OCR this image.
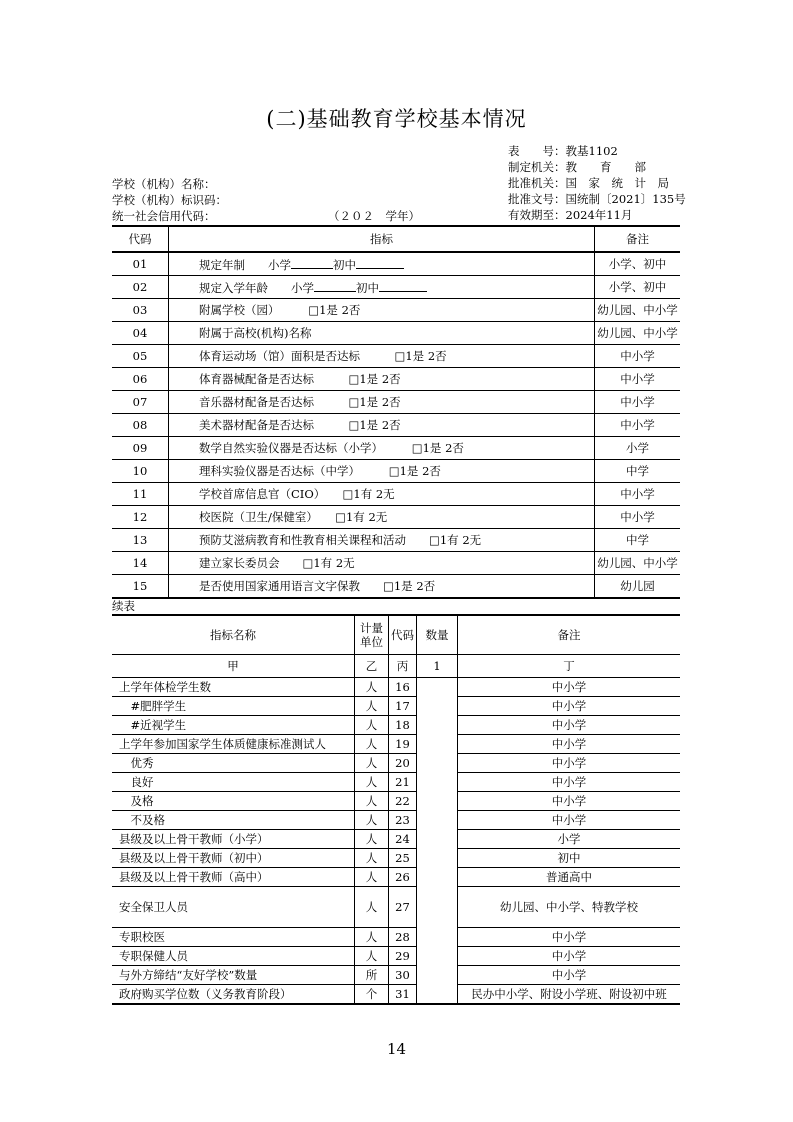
(二)基础教育学校基本情况
表　　号：教基1102
制定机关：教　　育　　部
批准机关：国　家　统　计　局
批准文号：国统制〔2021〕135号
有效期至：2024年11月
学校（机构）名称：
学校（机构）标识码：
统一社会信用代码：	（２０２　学年）
代码	指标	备注
01	规定年制　　小学 初中	小学、初中
02	规定入学年龄　　小学 初中	小学、初中
03	附属学校（园）　　　□1是 2否	幼儿园、中小学
04	附属于高校(机构)名称	幼儿园、中小学
05	体育运动场（馆）面积是否达标　　　□1是 2否	中小学
06	体育器械配备是否达标　　　□1是 2否	中小学
07	音乐器材配备是否达标　　　□1是 2否	中小学
08	美术器材配备是否达标　　　□1是 2否	中小学
09	数学自然实验仪器是否达标（小学）　　　□1是 2否	小学
10	理科实验仪器是否达标（中学）　　　□1是 2否	中学
11	学校首席信息官（CIO）　　□1有 2无	中小学
12	校医院（卫生/保健室）　　□1有 2无	中小学
13	预防艾滋病教育和性教育相关课程和活动　　□1有 2无	中学
14	建立家长委员会　　□1有 2无	幼儿园、中小学
15	是否使用国家通用语言文字保教　　□1是 2否	幼儿园
续表
指标名称	计量单位	代码	数量	备注
甲	乙	丙	1	丁
上学年体检学生数	人	16		中小学
　#肥胖学生	人	17		中小学
　#近视学生	人	18		中小学
上学年参加国家学生体质健康标准测试人	人	19		中小学
　优秀	人	20		中小学
　良好	人	21		中小学
　及格	人	22		中小学
　不及格	人	23		中小学
县级及以上骨干教师（小学）	人	24		小学
县级及以上骨干教师（初中）	人	25		初中
县级及以上骨干教师（高中）	人	26		普通高中
安全保卫人员	人	27		幼儿园、中小学、特教学校
专职校医	人	28		中小学
专职保健人员	人	29		中小学
与外方缔结“友好学校”数量	所	30		中小学
政府购买学位数（义务教育阶段）	个	31		民办中小学、附设小学班、附设初中班
14
